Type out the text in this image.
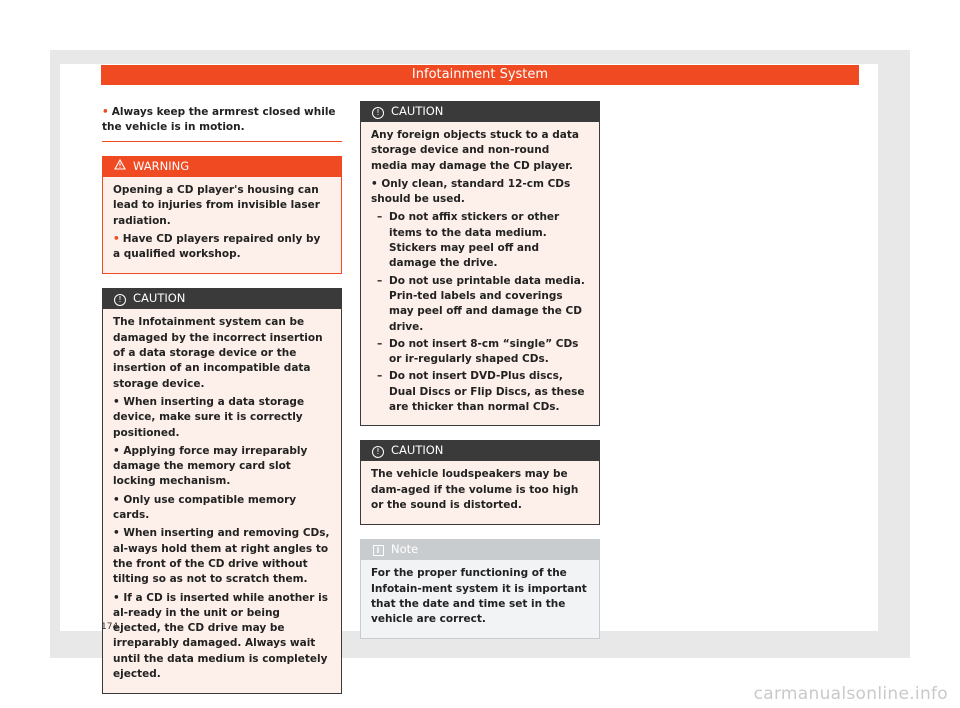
Infotainment System
• Always keep the armrest closed while the vehicle is in motion.
WARNING

Opening a CD player's housing can lead to injuries from invisible laser radiation.

• Have CD players repaired only by a qualified workshop.

! CAUTION

The Infotainment system can be damaged by the incorrect insertion of a data storage device or the insertion of an incompatible data storage device.

• When inserting a data storage device, make sure it is correctly positioned.

• Applying force may irreparably damage the memory card slot locking mechanism.

• Only use compatible memory cards.

• When inserting and removing CDs, al-ways hold them at right angles to the front of the CD drive without tilting so as not to scratch them.

• If a CD is inserted while another is al-ready in the unit or being ejected, the CD drive may be irreparably damaged. Always wait until the data medium is completely ejected.

! CAUTION

Any foreign objects stuck to a data storage device and non-round media may damage the CD player.

• Only clean, standard 12-cm CDs should be used.

– Do not affix stickers or other items to the data medium. Stickers may peel off and damage the drive.
– Do not use printable data media. Prin-ted labels and coverings may peel off and damage the CD drive.
– Do not insert 8-cm “single” CDs or ir-regularly shaped CDs.
– Do not insert DVD-Plus discs, Dual Discs or Flip Discs, as these are thicker than normal CDs.
! CAUTION

The vehicle loudspeakers may be dam-aged if the volume is too high or the sound is distorted.

i	Note

For the proper functioning of the Infotain-ment system it is important that the date and time set in the vehicle are correct.

174
carmanualsonline.info
